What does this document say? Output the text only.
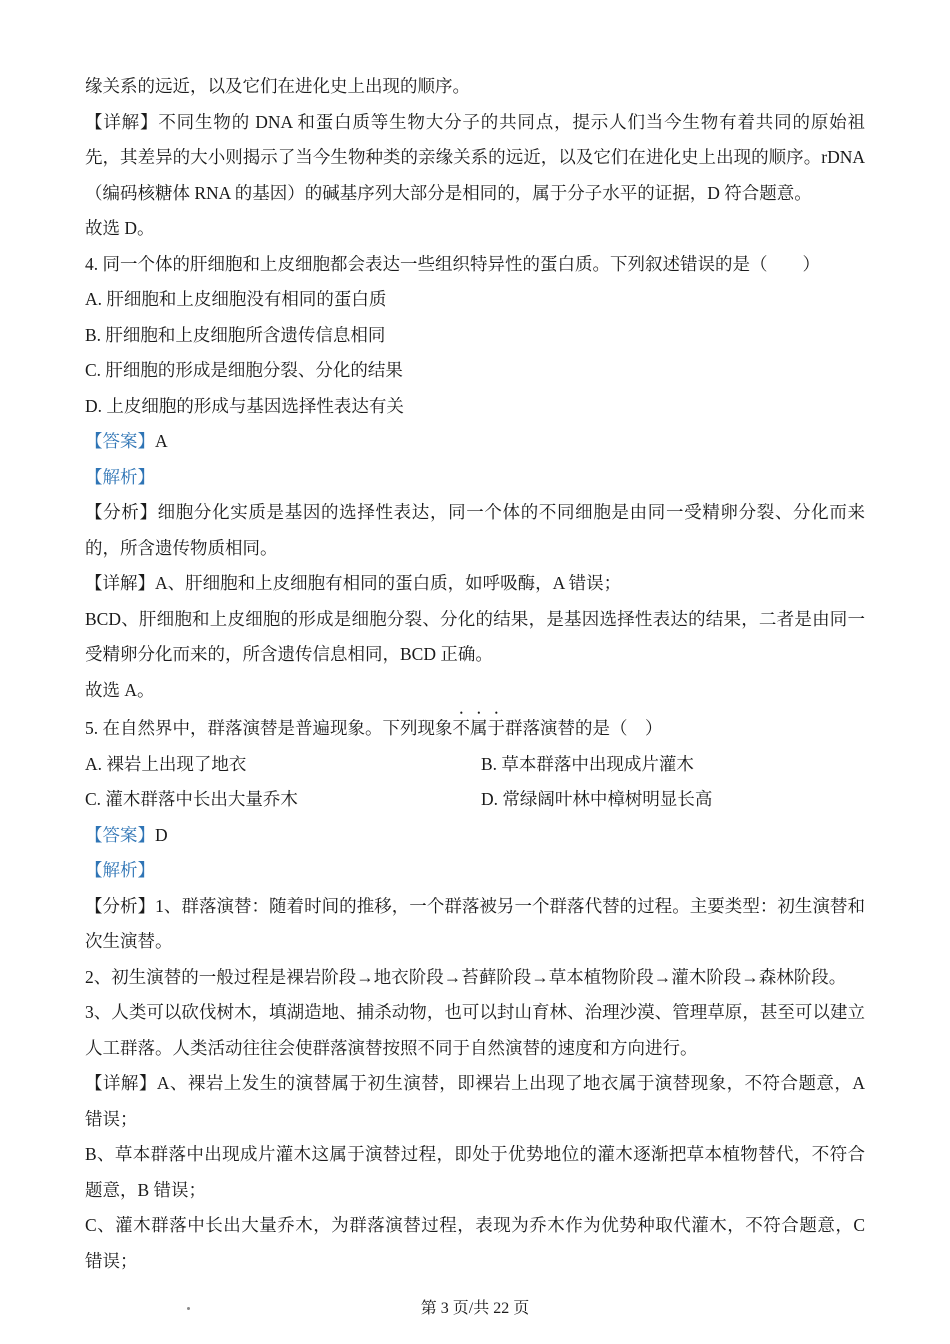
缘关系的远近，以及它们在进化史上出现的顺序。
【详解】不同生物的 DNA 和蛋白质等生物大分子的共同点，提示人们当今生物有着共同的原始祖先，其差异的大小则揭示了当今生物种类的亲缘关系的远近，以及它们在进化史上出现的顺序。rDNA（编码核糖体 RNA 的基因）的碱基序列大部分是相同的，属于分子水平的证据，D 符合题意。
故选 D。
4. 同一个体的肝细胞和上皮细胞都会表达一些组织特异性的蛋白质。下列叙述错误的是（　　）
A. 肝细胞和上皮细胞没有相同的蛋白质
B. 肝细胞和上皮细胞所含遗传信息相同
C. 肝细胞的形成是细胞分裂、分化的结果
D. 上皮细胞的形成与基因选择性表达有关
【答案】A
【解析】
【分析】细胞分化实质是基因的选择性表达，同一个体的不同细胞是由同一受精卵分裂、分化而来的，所含遗传物质相同。
【详解】A、肝细胞和上皮细胞有相同的蛋白质，如呼吸酶，A 错误；
BCD、肝细胞和上皮细胞的形成是细胞分裂、分化的结果，是基因选择性表达的结果，二者是由同一受精卵分化而来的，所含遗传信息相同，BCD 正确。
故选 A。
5. 在自然界中，群落演替是普遍现象。下列现象不属于群落演替的是（　）
A. 裸岩上出现了地衣	B. 草本群落中出现成片灌木
C. 灌木群落中长出大量乔木	D. 常绿阔叶林中樟树明显长高
【答案】D
【解析】
【分析】1、群落演替：随着时间的推移，一个群落被另一个群落代替的过程。主要类型：初生演替和次生演替。
2、初生演替的一般过程是裸岩阶段→地衣阶段→苔藓阶段→草本植物阶段→灌木阶段→森林阶段。
3、人类可以砍伐树木，填湖造地、捕杀动物，也可以封山育林、治理沙漠、管理草原，甚至可以建立人工群落。人类活动往往会使群落演替按照不同于自然演替的速度和方向进行。
【详解】A、裸岩上发生的演替属于初生演替，即裸岩上出现了地衣属于演替现象，不符合题意，A 错误；
B、草本群落中出现成片灌木这属于演替过程，即处于优势地位的灌木逐渐把草本植物替代，不符合题意，B 错误；
C、灌木群落中长出大量乔木，为群落演替过程，表现为乔木作为优势种取代灌木，不符合题意，C 错误；
第 3 页/共 22 页
